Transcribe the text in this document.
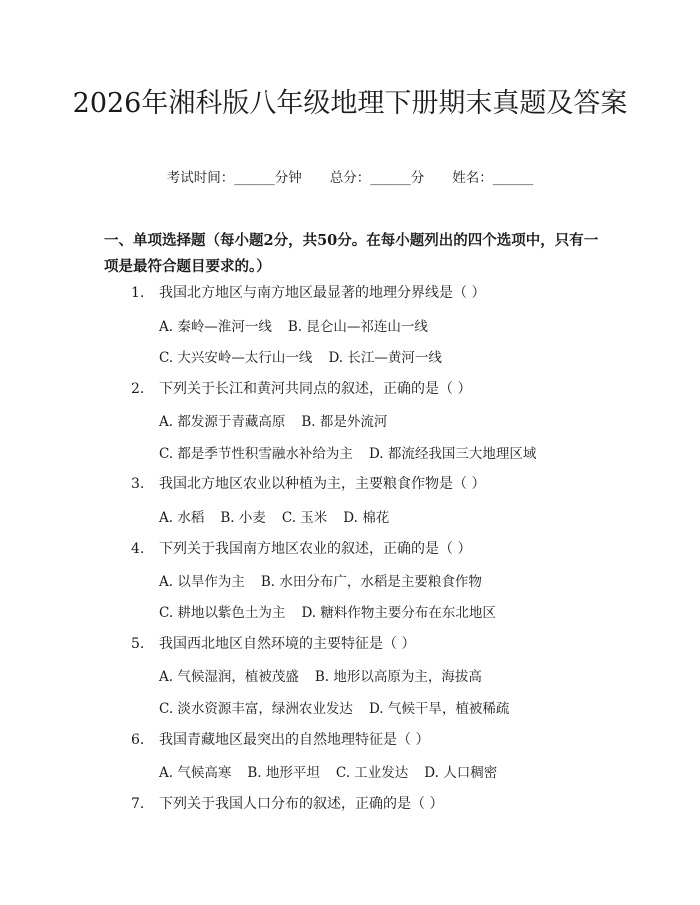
2026年湘科版八年级地理下册期末真题及答案
考试时间：______分钟 总分：______分 姓名：______

一、单项选择题（每小题2分，共50分。在每小题列出的四个选项中，只有一项是最符合题目要求的。）

1. 我国北方地区与南方地区最显著的地理分界线是（ ）
A. 秦岭—淮河一线 B. 昆仑山—祁连山一线
C. 大兴安岭—太行山一线 D. 长江—黄河一线
2. 下列关于长江和黄河共同点的叙述，正确的是（ ）
A. 都发源于青藏高原 B. 都是外流河
C. 都是季节性积雪融水补给为主 D. 都流经我国三大地理区域
3. 我国北方地区农业以种植为主，主要粮食作物是（ ）
A. 水稻 B. 小麦 C. 玉米 D. 棉花
4. 下列关于我国南方地区农业的叙述，正确的是（ ）
A. 以旱作为主 B. 水田分布广，水稻是主要粮食作物
C. 耕地以紫色土为主 D. 糖料作物主要分布在东北地区
5. 我国西北地区自然环境的主要特征是（ ）
A. 气候湿润，植被茂盛 B. 地形以高原为主，海拔高
C. 淡水资源丰富，绿洲农业发达 D. 气候干旱，植被稀疏
6. 我国青藏地区最突出的自然地理特征是（ ）
A. 气候高寒 B. 地形平坦 C. 工业发达 D. 人口稠密
7. 下列关于我国人口分布的叙述，正确的是（ ）
